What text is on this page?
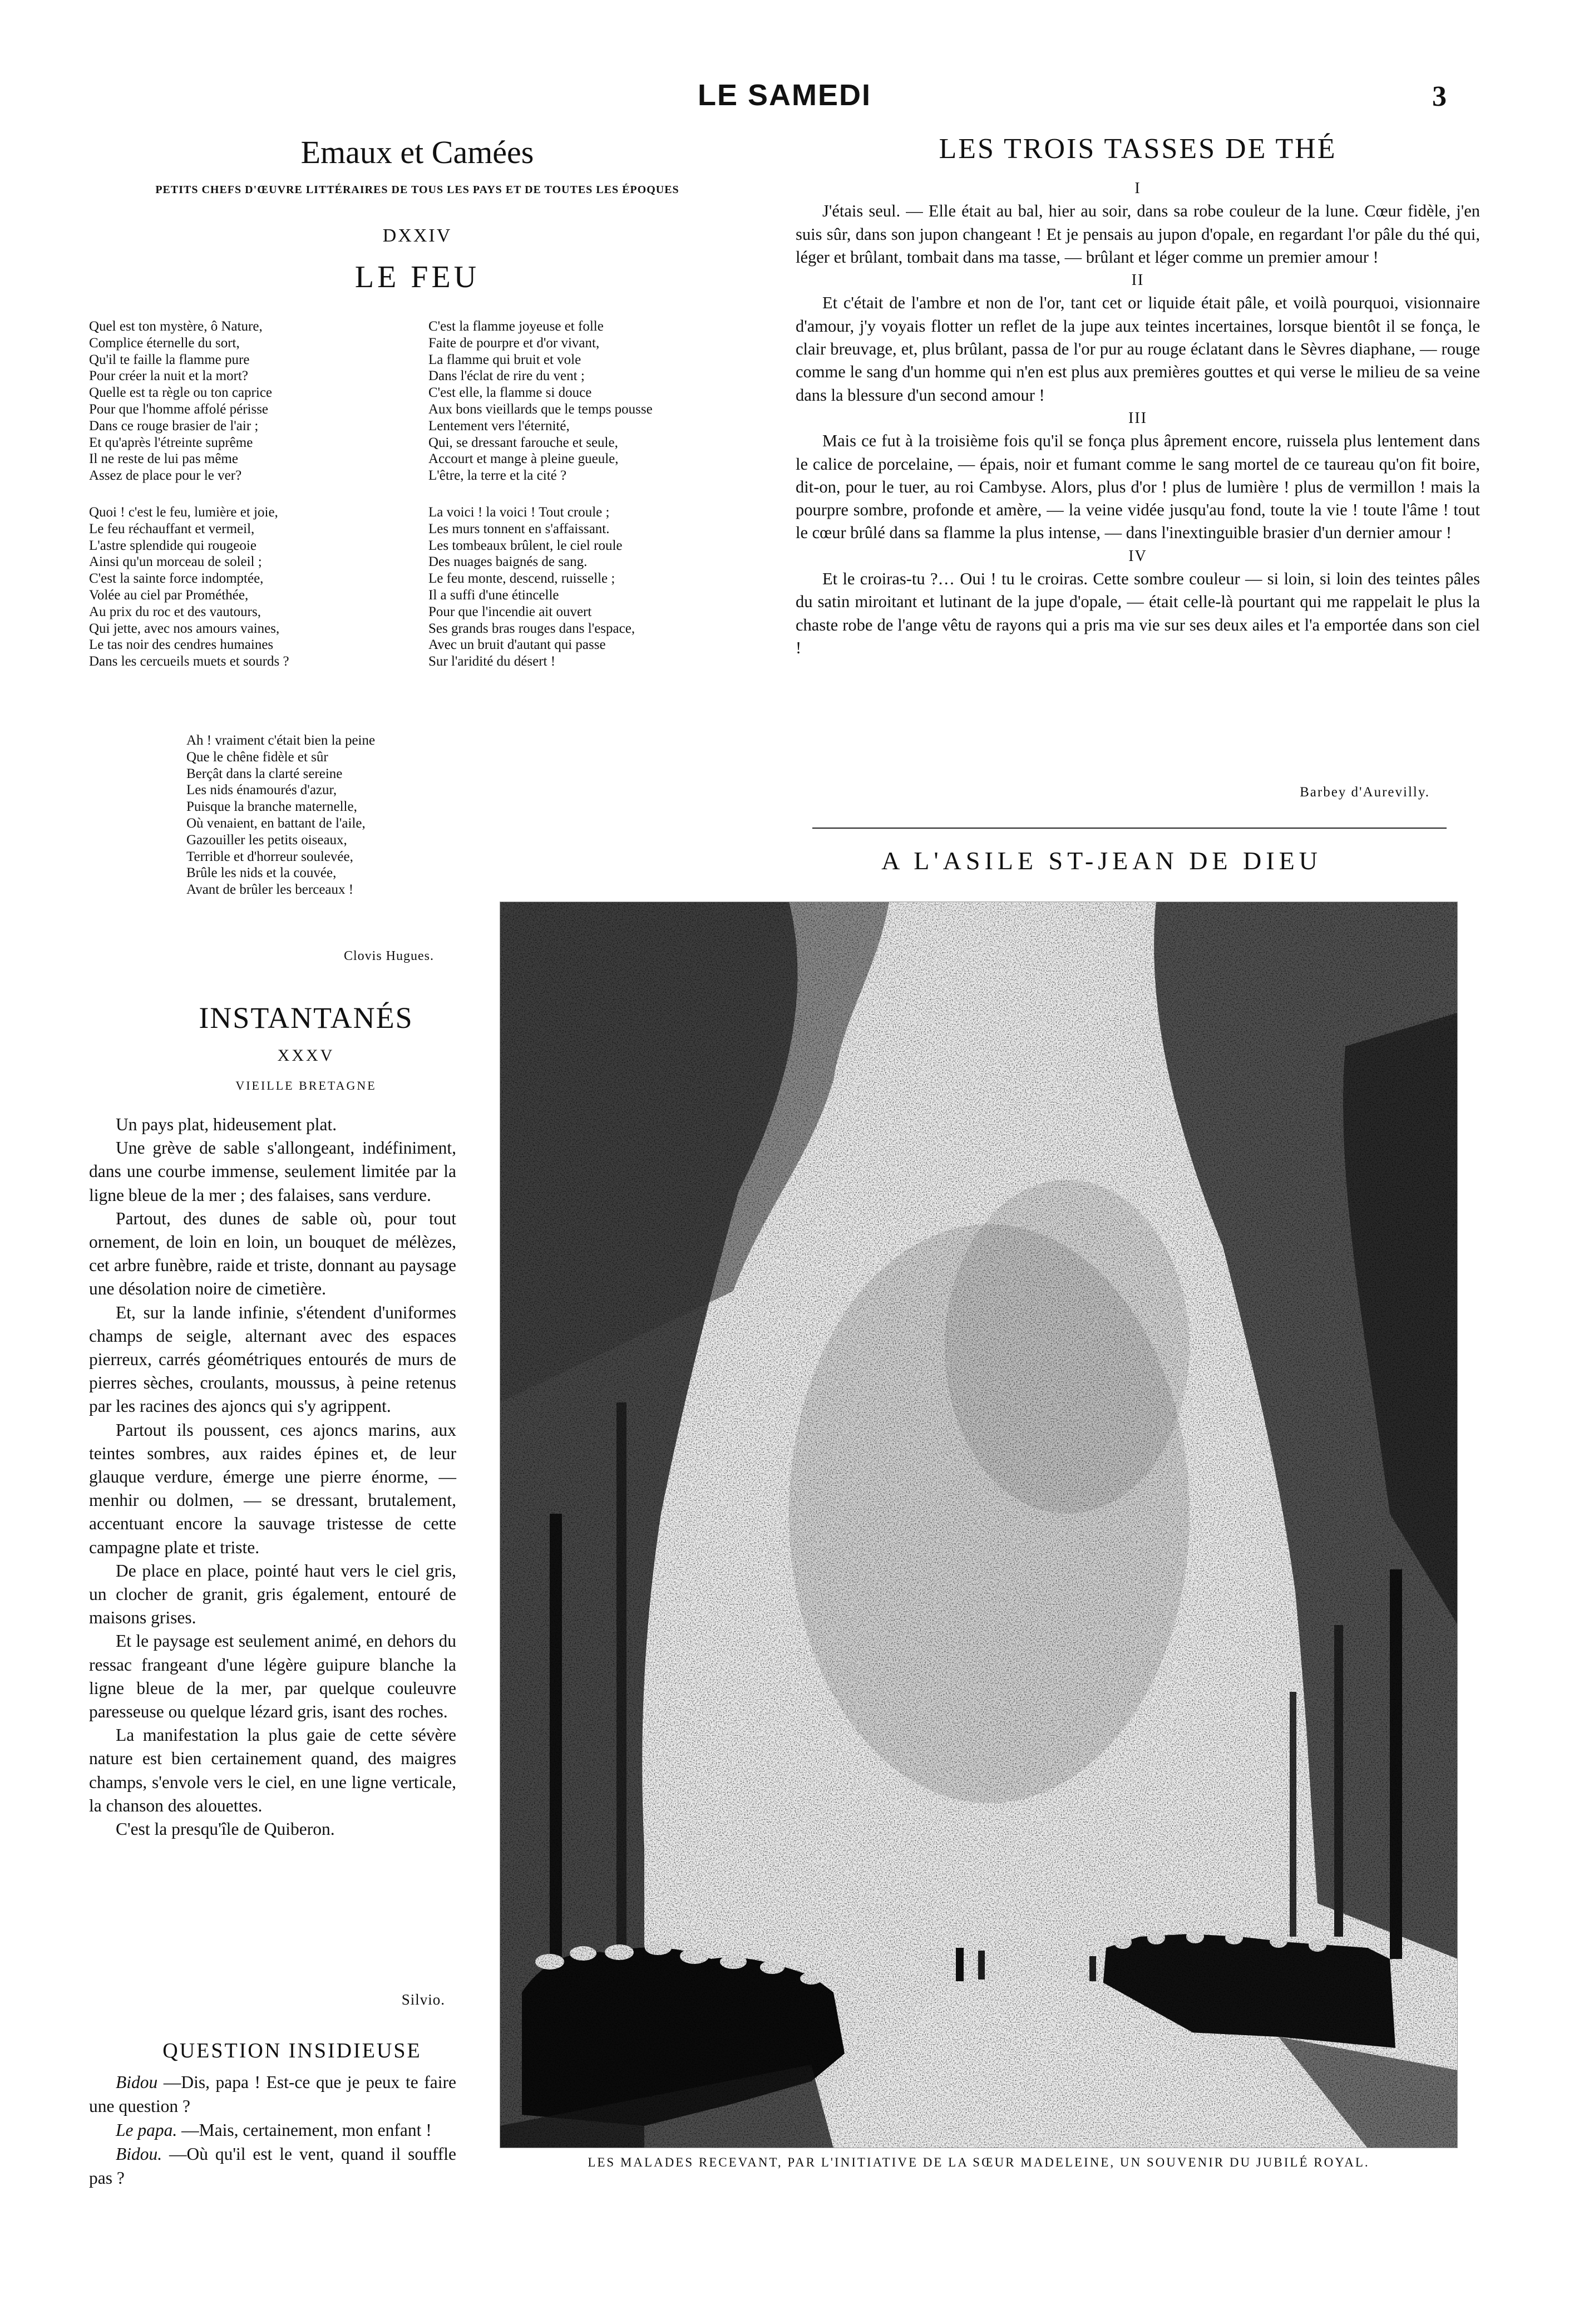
LE SAMEDI	3
Emaux et Camées
PETITS CHEFS D'ŒUVRE LITTÉRAIRES DE TOUS LES PAYS ET DE TOUTES LES ÉPOQUES
DXXIV
LE FEU
Quel est ton mystère, ô Nature,
Complice éternelle du sort,
Qu'il te faille la flamme pure
Pour créer la nuit et la mort?
Quelle est ta règle ou ton caprice
Pour que l'homme affolé périsse
Dans ce rouge brasier de l'air ;
Et qu'après l'étreinte suprême
Il ne reste de lui pas même
Assez de place pour le ver?
Quoi ! c'est le feu, lumière et joie,
Le feu réchauffant et vermeil,
L'astre splendide qui rougeoie
Ainsi qu'un morceau de soleil ;
C'est la sainte force indomptée,
Volée au ciel par Prométhée,
Au prix du roc et des vautours,
Qui jette, avec nos amours vaines,
Le tas noir des cendres humaines
Dans les cercueils muets et sourds ?
C'est la flamme joyeuse et folle
Faite de pourpre et d'or vivant,
La flamme qui bruit et vole
Dans l'éclat de rire du vent ;
C'est elle, la flamme si douce
Aux bons vieillards que le temps pousse
Lentement vers l'éternité,
Qui, se dressant farouche et seule,
Accourt et mange à pleine gueule,
L'être, la terre et la cité ?
La voici ! la voici ! Tout croule ;
Les murs tonnent en s'affaissant.
Les tombeaux brûlent, le ciel roule
Des nuages baignés de sang.
Le feu monte, descend, ruisselle ;
Il a suffi d'une étincelle
Pour que l'incendie ait ouvert
Ses grands bras rouges dans l'espace,
Avec un bruit d'autant qui passe
Sur l'aridité du désert !
Ah ! vraiment c'était bien la peine
Que le chêne fidèle et sûr
Berçât dans la clarté sereine
Les nids énamourés d'azur,
Puisque la branche maternelle,
Où venaient, en battant de l'aile,
Gazouiller les petits oiseaux,
Terrible et d'horreur soulevée,
Brûle les nids et la couvée,
Avant de brûler les berceaux !
Clovis Hugues.
INSTANTANÉS
XXXV
VIEILLE BRETAGNE

Un pays plat, hideusement plat.

Une grève de sable s'allongeant, indéfiniment, dans une courbe immense, seulement limitée par la ligne bleue de la mer ; des falaises, sans verdure.

Partout, des dunes de sable où, pour tout ornement, de loin en loin, un bouquet de mélèzes, cet arbre funèbre, raide et triste, donnant au paysage une désolation noire de cimetière.

Et, sur la lande infinie, s'étendent d'uniformes champs de seigle, alternant avec des espaces pierreux, carrés géométriques entourés de murs de pierres sèches, croulants, moussus, à peine retenus par les racines des ajoncs qui s'y agrippent.

Partout ils poussent, ces ajoncs marins, aux teintes sombres, aux raides épines et, de leur glauque verdure, émerge une pierre énorme, — menhir ou dolmen, — se dressant, brutalement, accentuant encore la sauvage tristesse de cette campagne plate et triste.

De place en place, pointé haut vers le ciel gris, un clocher de granit, gris également, entouré de maisons grises.

Et le paysage est seulement animé, en dehors du ressac frangeant d'une légère guipure blanche la ligne bleue de la mer, par quelque couleuvre paresseuse ou quelque lézard gris, isant des roches.

La manifestation la plus gaie de cette sévère nature est bien certainement quand, des maigres champs, s'envole vers le ciel, en une ligne verticale, la chanson des alouettes.

C'est la presqu'île de Quiberon.

Silvio.
QUESTION INSIDIEUSE

Bidou —Dis, papa ! Est-ce que je peux te faire une question ?

Le papa. —Mais, certainement, mon enfant !

Bidou. —Où qu'il est le vent, quand il souffle pas ?

LES TROIS TASSES DE THÉ
I

J'étais seul. — Elle était au bal, hier au soir, dans sa robe couleur de la lune. Cœur fidèle, j'en suis sûr, dans son jupon changeant ! Et je pensais au jupon d'opale, en regardant l'or pâle du thé qui, léger et brûlant, tombait dans ma tasse, — brûlant et léger comme un premier amour !

II

Et c'était de l'ambre et non de l'or, tant cet or liquide était pâle, et voilà pourquoi, visionnaire d'amour, j'y voyais flotter un reflet de la jupe aux teintes incertaines, lorsque bientôt il se fonça, le clair breuvage, et, plus brûlant, passa de l'or pur au rouge éclatant dans le Sèvres diaphane, — rouge comme le sang d'un homme qui n'en est plus aux premières gouttes et qui verse le milieu de sa veine dans la blessure d'un second amour !

III

Mais ce fut à la troisième fois qu'il se fonça plus âprement encore, ruissela plus lentement dans le calice de porcelaine, — épais, noir et fumant comme le sang mortel de ce taureau qu'on fit boire, dit-on, pour le tuer, au roi Cambyse. Alors, plus d'or ! plus de lumière ! plus de vermillon ! mais la pourpre sombre, profonde et amère, — la veine vidée jusqu'au fond, toute la vie ! toute l'âme ! tout le cœur brûlé dans sa flamme la plus intense, — dans l'inextinguible brasier d'un dernier amour !

IV

Et le croiras-tu ?… Oui ! tu le croiras. Cette sombre couleur — si loin, si loin des teintes pâles du satin miroitant et lutinant de la jupe d'opale, — était celle-là pourtant qui me rappelait le plus la chaste robe de l'ange vêtu de rayons qui a pris ma vie sur ses deux ailes et l'a emportée dans son ciel !

Barbey d'Aurevilly.
A L'ASILE ST-JEAN DE DIEU
LES MALADES RECEVANT, PAR L'INITIATIVE DE LA SŒUR MADELEINE, UN SOUVENIR DU JUBILÉ ROYAL.
